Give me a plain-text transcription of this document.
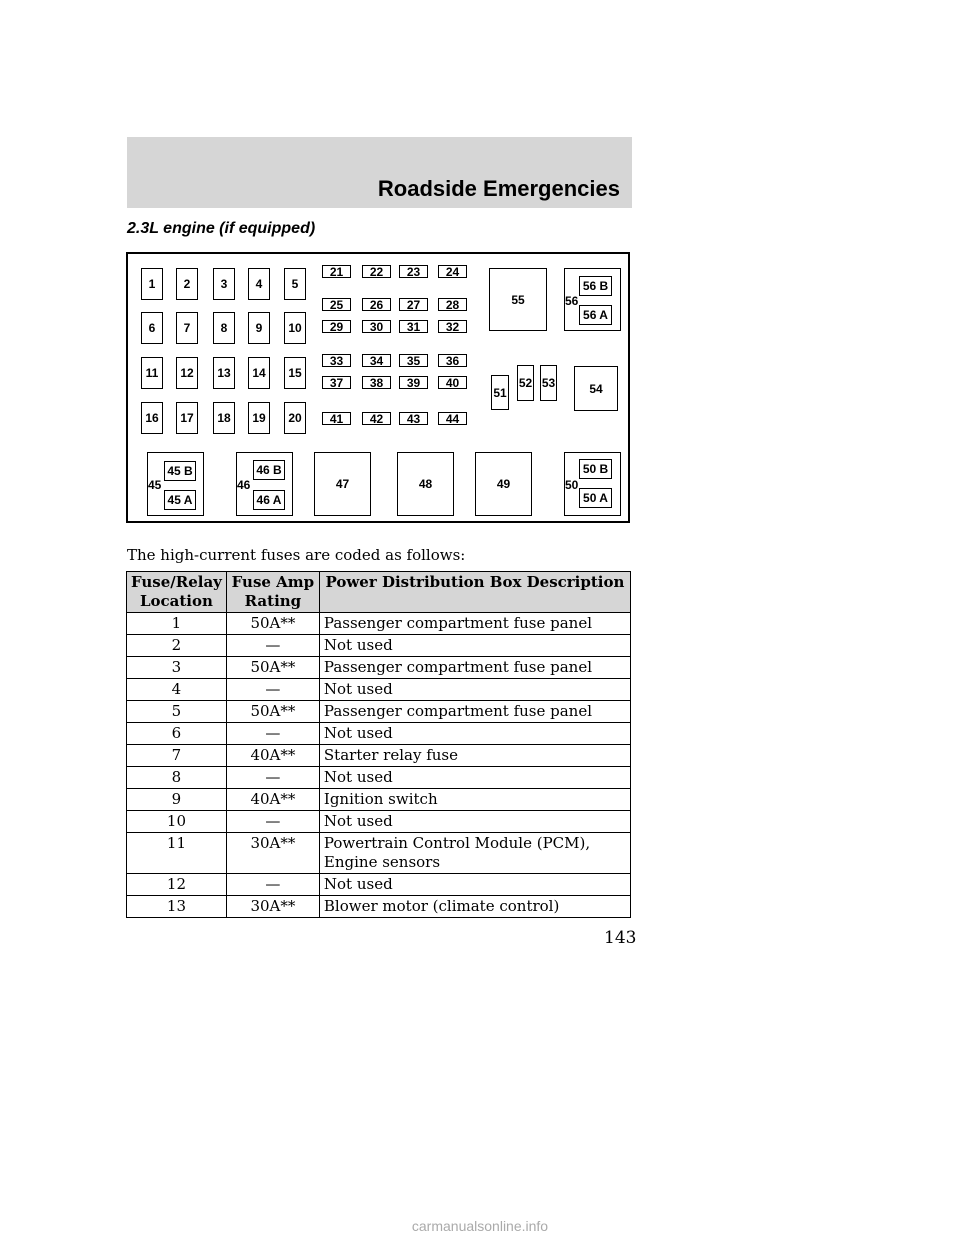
Roadside Emergencies
2.3L engine (if equipped)
1	2	3	4	5
6	7	8	9	10
11	12	13	14	15
16	17	18	19	20
21	22	23	24
25	26	27	28
29	30	31	32
33	34	35	36
37	38	39	40
41	42	43	44
55	56
56 B
56 A
51
52 53	54
45
45 B
45 A
46
46 B
46 A
47	48	49	50
50 B
50 A
The high-current fuses are coded as follows:
Fuse/Relay Location	Fuse Amp Rating	Power Distribution Box Description
1	50A**	Passenger compartment fuse panel
2	—	Not used
3	50A**	Passenger compartment fuse panel
4	—	Not used
5	50A**	Passenger compartment fuse panel
6	—	Not used
7	40A**	Starter relay fuse
8	—	Not used
9	40A**	Ignition switch
10	—	Not used
11	30A**	Powertrain Control Module (PCM), Engine sensors
12	—	Not used
13	30A**	Blower motor (climate control)
143
carmanualsonline.info
